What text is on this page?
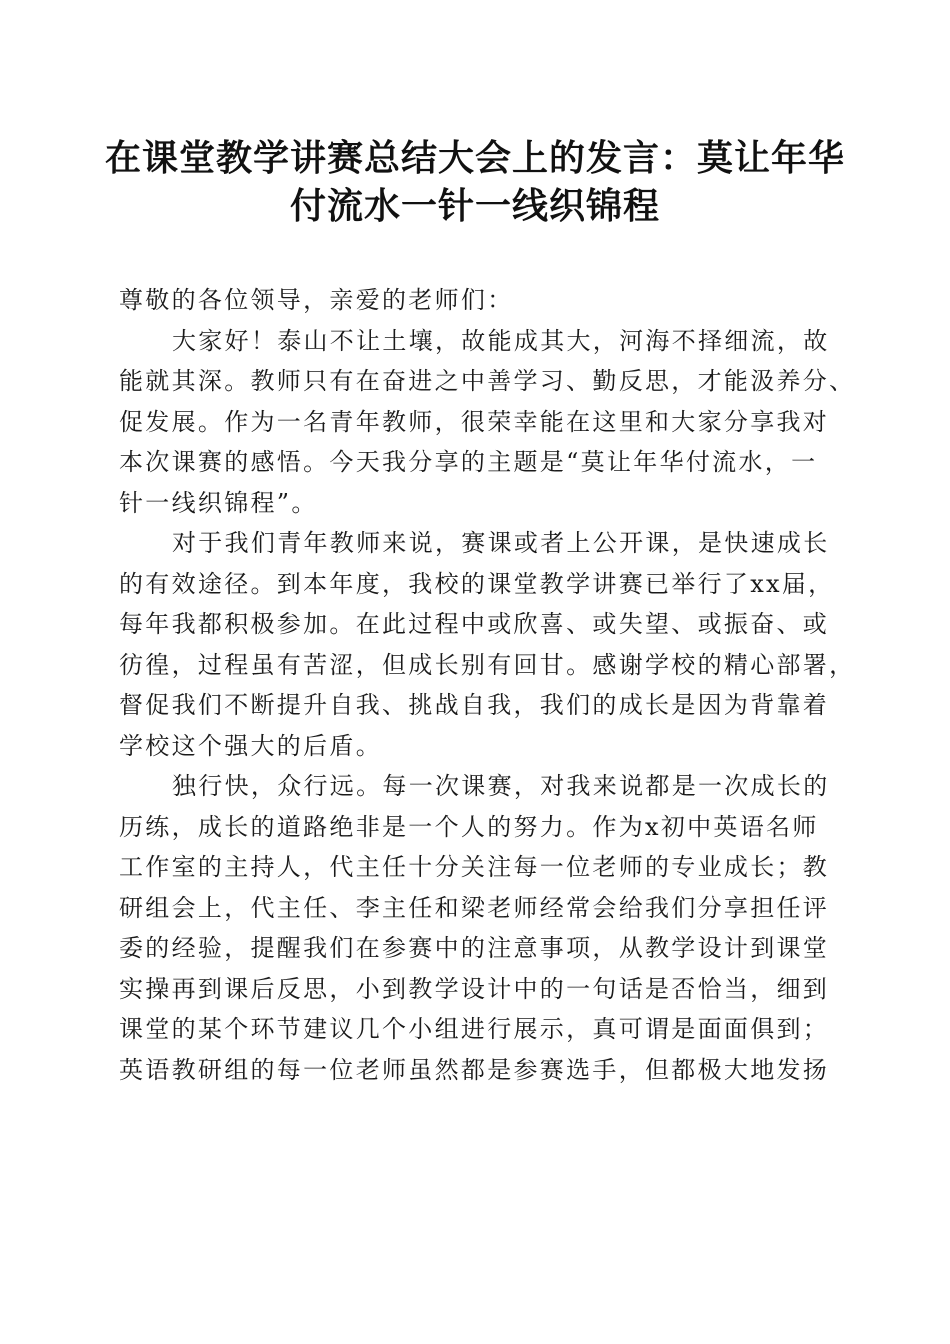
在课堂教学讲赛总结大会上的发言：莫让年华
付流水一针一线织锦程
尊敬的各位领导，亲爱的老师们：
大家好！泰山不让土壤，故能成其大，河海不择细流，故
能就其深。教师只有在奋进之中善学习、勤反思，才能汲养分、
促发展。作为一名青年教师，很荣幸能在这里和大家分享我对
本次课赛的感悟。今天我分享的主题是“莫让年华付流水，一
针一线织锦程”。
对于我们青年教师来说，赛课或者上公开课，是快速成长
的有效途径。到本年度，我校的课堂教学讲赛已举行了xx届，
每年我都积极参加。在此过程中或欣喜、或失望、或振奋、或
彷徨，过程虽有苦涩，但成长别有回甘。感谢学校的精心部署，
督促我们不断提升自我、挑战自我，我们的成长是因为背靠着
学校这个强大的后盾。
独行快，众行远。每一次课赛，对我来说都是一次成长的
历练，成长的道路绝非是一个人的努力。作为x初中英语名师
工作室的主持人，代主任十分关注每一位老师的专业成长；教
研组会上，代主任、李主任和梁老师经常会给我们分享担任评
委的经验，提醒我们在参赛中的注意事项，从教学设计到课堂
实操再到课后反思，小到教学设计中的一句话是否恰当，细到
课堂的某个环节建议几个小组进行展示，真可谓是面面俱到；
英语教研组的每一位老师虽然都是参赛选手，但都极大地发扬
